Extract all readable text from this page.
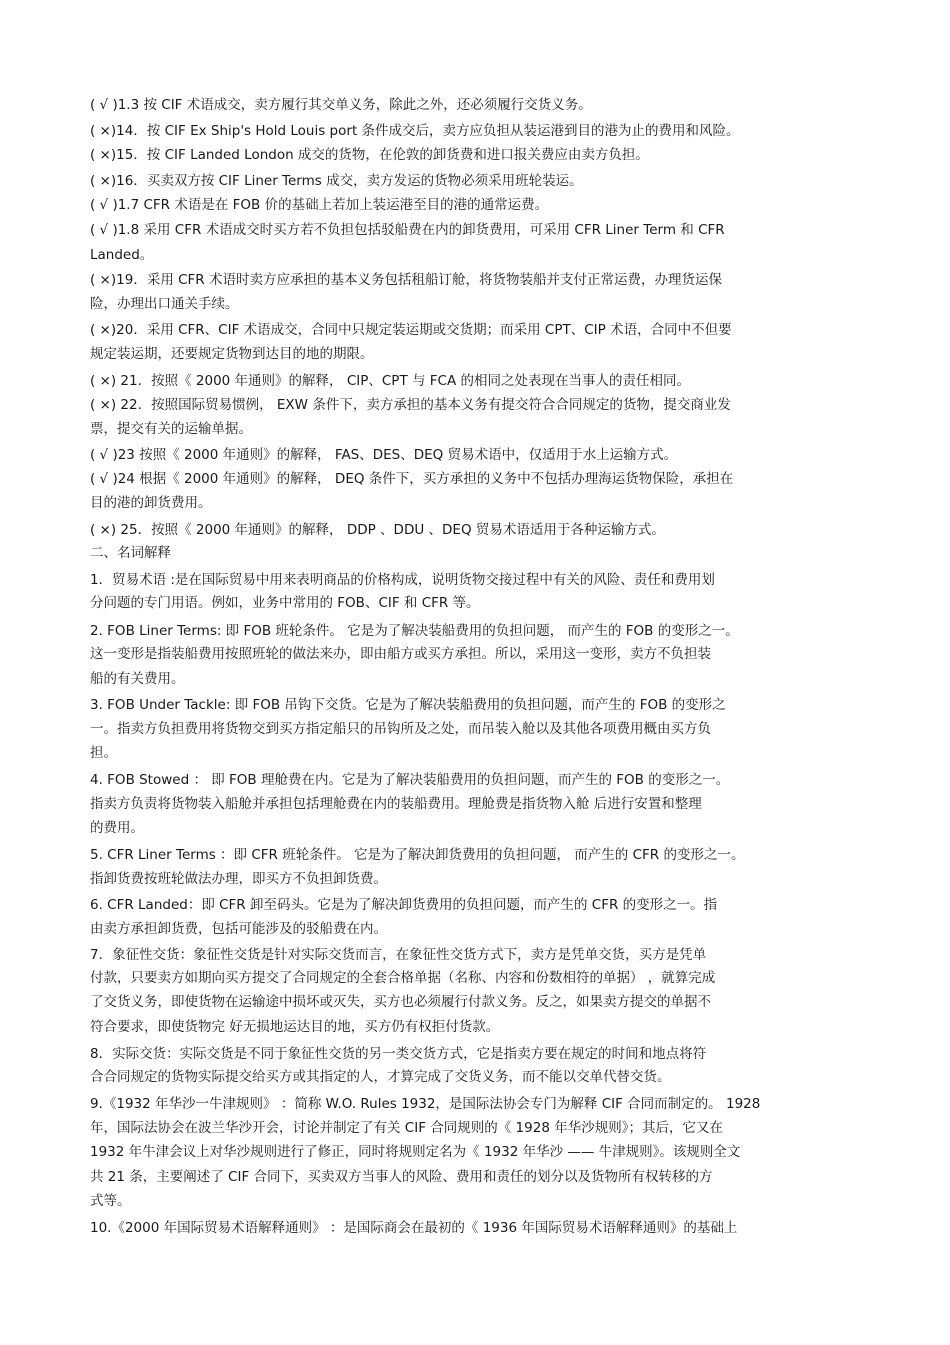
( √ )1.3 按 CIF 术语成交，卖方履行其交单义务，除此之外，还必须履行交货义务。
( ×)14．按 CIF Ex Ship's Hold Louis port 条件成交后，卖方应负担从装运港到目的港为止的费用和风险。
( ×)15．按 CIF Landed London 成交的货物，在伦敦的卸货费和进口报关费应由卖方负担。
( ×)16．买卖双方按 CIF Liner Terms 成交，卖方发运的货物必须采用班轮装运。
( √ )1.7 CFR 术语是在 FOB 价的基础上若加上装运港至目的港的通常运费。
( √ )1.8 采用 CFR 术语成交时买方若不负担包括驳船费在内的卸货费用，可采用 CFR Liner Term 和 CFR
Landed。
( ×)19．采用 CFR 术语时卖方应承担的基本义务包括租船订舱，将货物装船并支付正常运费，办理货运保
险，办理出口通关手续。
( ×)20．采用 CFR、CIF 术语成交，合同中只规定装运期或交货期；而采用 CPT、CIP 术语，合同中不但要
规定装运期，还要规定货物到达目的地的期限。
( ×) 21．按照《 2000 年通则》的解释， CIP、CPT 与 FCA 的相同之处表现在当事人的责任相同。
( ×) 22．按照国际贸易惯例， EXW 条件下，卖方承担的基本义务有提交符合合同规定的货物，提交商业发
票，提交有关的运输单据。
( √ )23 按照《 2000 年通则》的解释， FAS、DES、DEQ 贸易术语中，仅适用于水上运输方式。
( √ )24 根据《 2000 年通则》的解释， DEQ 条件下，买方承担的义务中不包括办理海运货物保险，承担在
目的港的卸货费用。
( ×) 25．按照《 2000 年通则》的解释， DDP 、DDU 、DEQ 贸易术语适用于各种运输方式。
二、名词解释
1．贸易术语 :是在国际贸易中用来表明商品的价格构成，说明货物交接过程中有关的风险、责任和费用划
分问题的专门用语。例如，业务中常用的 FOB、CIF 和 CFR 等。
2. FOB Liner Terms: 即 FOB 班轮条件。 它是为了解决装船费用的负担问题， 而产生的 FOB 的变形之一。
这一变形是指装船费用按照班轮的做法来办，即由船方或买方承担。所以，采用这一变形，卖方不负担装
船的有关费用。
3. FOB Under Tackle: 即 FOB 吊钩下交货。它是为了解决装船费用的负担问题，而产生的 FOB 的变形之
一。指卖方负担费用将货物交到买方指定船只的吊钩所及之处，而吊装入舱以及其他各项费用概由买方负
担。
4. FOB Stowed ： 即 FOB 理舱费在内。它是为了解决装船费用的负担问题，而产生的 FOB 的变形之一。
指卖方负责将货物装入船舱并承担包括理舱费在内的装船费用。理舱费是指货物入舱 后进行安置和整理
的费用。
5. CFR Liner Terms ：即 CFR 班轮条件。 它是为了解决卸货费用的负担问题， 而产生的 CFR 的变形之一。
指卸货费按班轮做法办理，即买方不负担卸货费。
6. CFR Landed：即 CFR 卸至码头。它是为了解决卸货费用的负担问题，而产生的 CFR 的变形之一。指
由卖方承担卸货费，包括可能涉及的驳船费在内。
7．象征性交货：象征性交货是针对实际交货而言，在象征性交货方式下，卖方是凭单交货，买方是凭单
付款，只要卖方如期向买方提交了合同规定的全套合格单据（名称、内容和份数相符的单据） ，就算完成
了交货义务，即使货物在运输途中损坏或灭失，买方也必须履行付款义务。反之，如果卖方提交的单据不
符合要求，即使货物完 好无损地运达目的地，买方仍有权拒付货款。
8．实际交货：实际交货是不同于象征性交货的另一类交货方式，它是指卖方要在规定的时间和地点将符
合合同规定的货物实际提交给买方或其指定的人，才算完成了交货义务，而不能以交单代替交货。
9.《1932 年华沙一牛津规则》 ：简称 W.O. Rules 1932，是国际法协会专门为解释 CIF 合同而制定的。 1928
年，国际法协会在波兰华沙开会，讨论并制定了有关 CIF 合同规则的《 1928 年华沙规则》；其后，它又在
1932 年牛津会议上对华沙规则进行了修正，同时将规则定名为《 1932 年华沙 —— 牛津规则》。该规则全文
共 21 条，主要阐述了 CIF 合同下，买卖双方当事人的风险、费用和责任的划分以及货物所有权转移的方
式等。
10.《2000 年国际贸易术语解释通则》 ：是国际商会在最初的《 1936 年国际贸易术语解释通则》的基础上
